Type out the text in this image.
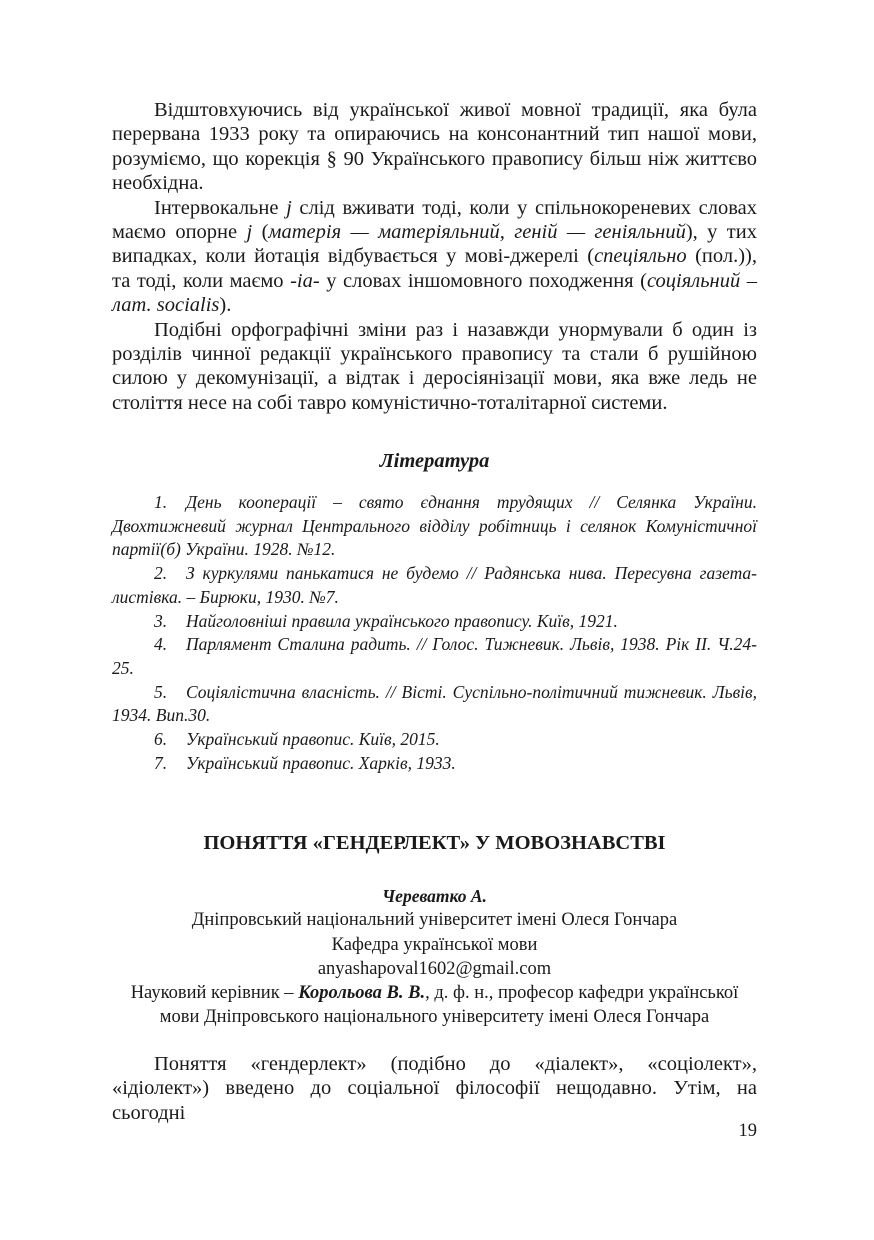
Відштовхуючись від української живої мовної традиції, яка була перервана 1933 року та опираючись на консонантний тип нашої мови, розуміємо, що корекція § 90 Українського правопису більш ніж життєво необхідна.

Інтервокальне j слід вживати тоді, коли у спільнокореневих словах маємо опорне j (матерія — матеріяльний, геній — геніяльний), у тих випадках, коли йотація відбувається у мові-джерелі (спеціяльно (пол.)), та тоді, коли маємо -іа- у словах іншомовного походження (соціяльний – лат. socialis).

Подібні орфографічні зміни раз і назавжди унормували б один із розділів чинної редакції українського правопису та стали б рушійною силою у декомунізації, а відтак і деросіянізації мови, яка вже ледь не століття несе на собі тавро комуністично-тоталітарної системи.

Література

1. День кооперації – свято єднання трудящих // Селянка України. Двохтижневий журнал Центрального відділу робітниць і селянок Комуністичної партії(б) України. 1928. №12.

2. З куркулями панькатися не будемо // Радянська нива. Пересувна газета-листівка. – Бирюки, 1930. №7.

3. Найголовніші правила українського правопису. Київ, 1921.

4. Парлямент Сталина радить. // Голос. Тижневик. Львів, 1938. Рік ІІ. Ч.24-25.

5. Соціялістична власність. // Вісті. Суспільно-політичний тижневик. Львів, 1934. Вип.30.

6. Український правопис. Київ, 2015.

7. Український правопис. Харків, 1933.

ПОНЯТТЯ «ГЕНДЕРЛЕКТ» У МОВОЗНАВСТВІ
Череватко А.
Дніпровський національний університет імені Олеся Гончара
Кафедра української мови
anyashapoval1602@gmail.com
Науковий керівник – Корольова В. В., д. ф. н., професор кафедри української мови Дніпровського національного університету імені Олеся Гончара

Поняття «гендерлект» (подібно до «діалект», «соціолект», «ідіолект») введено до соціальної філософії нещодавно. Утім, на сьогодні

19
